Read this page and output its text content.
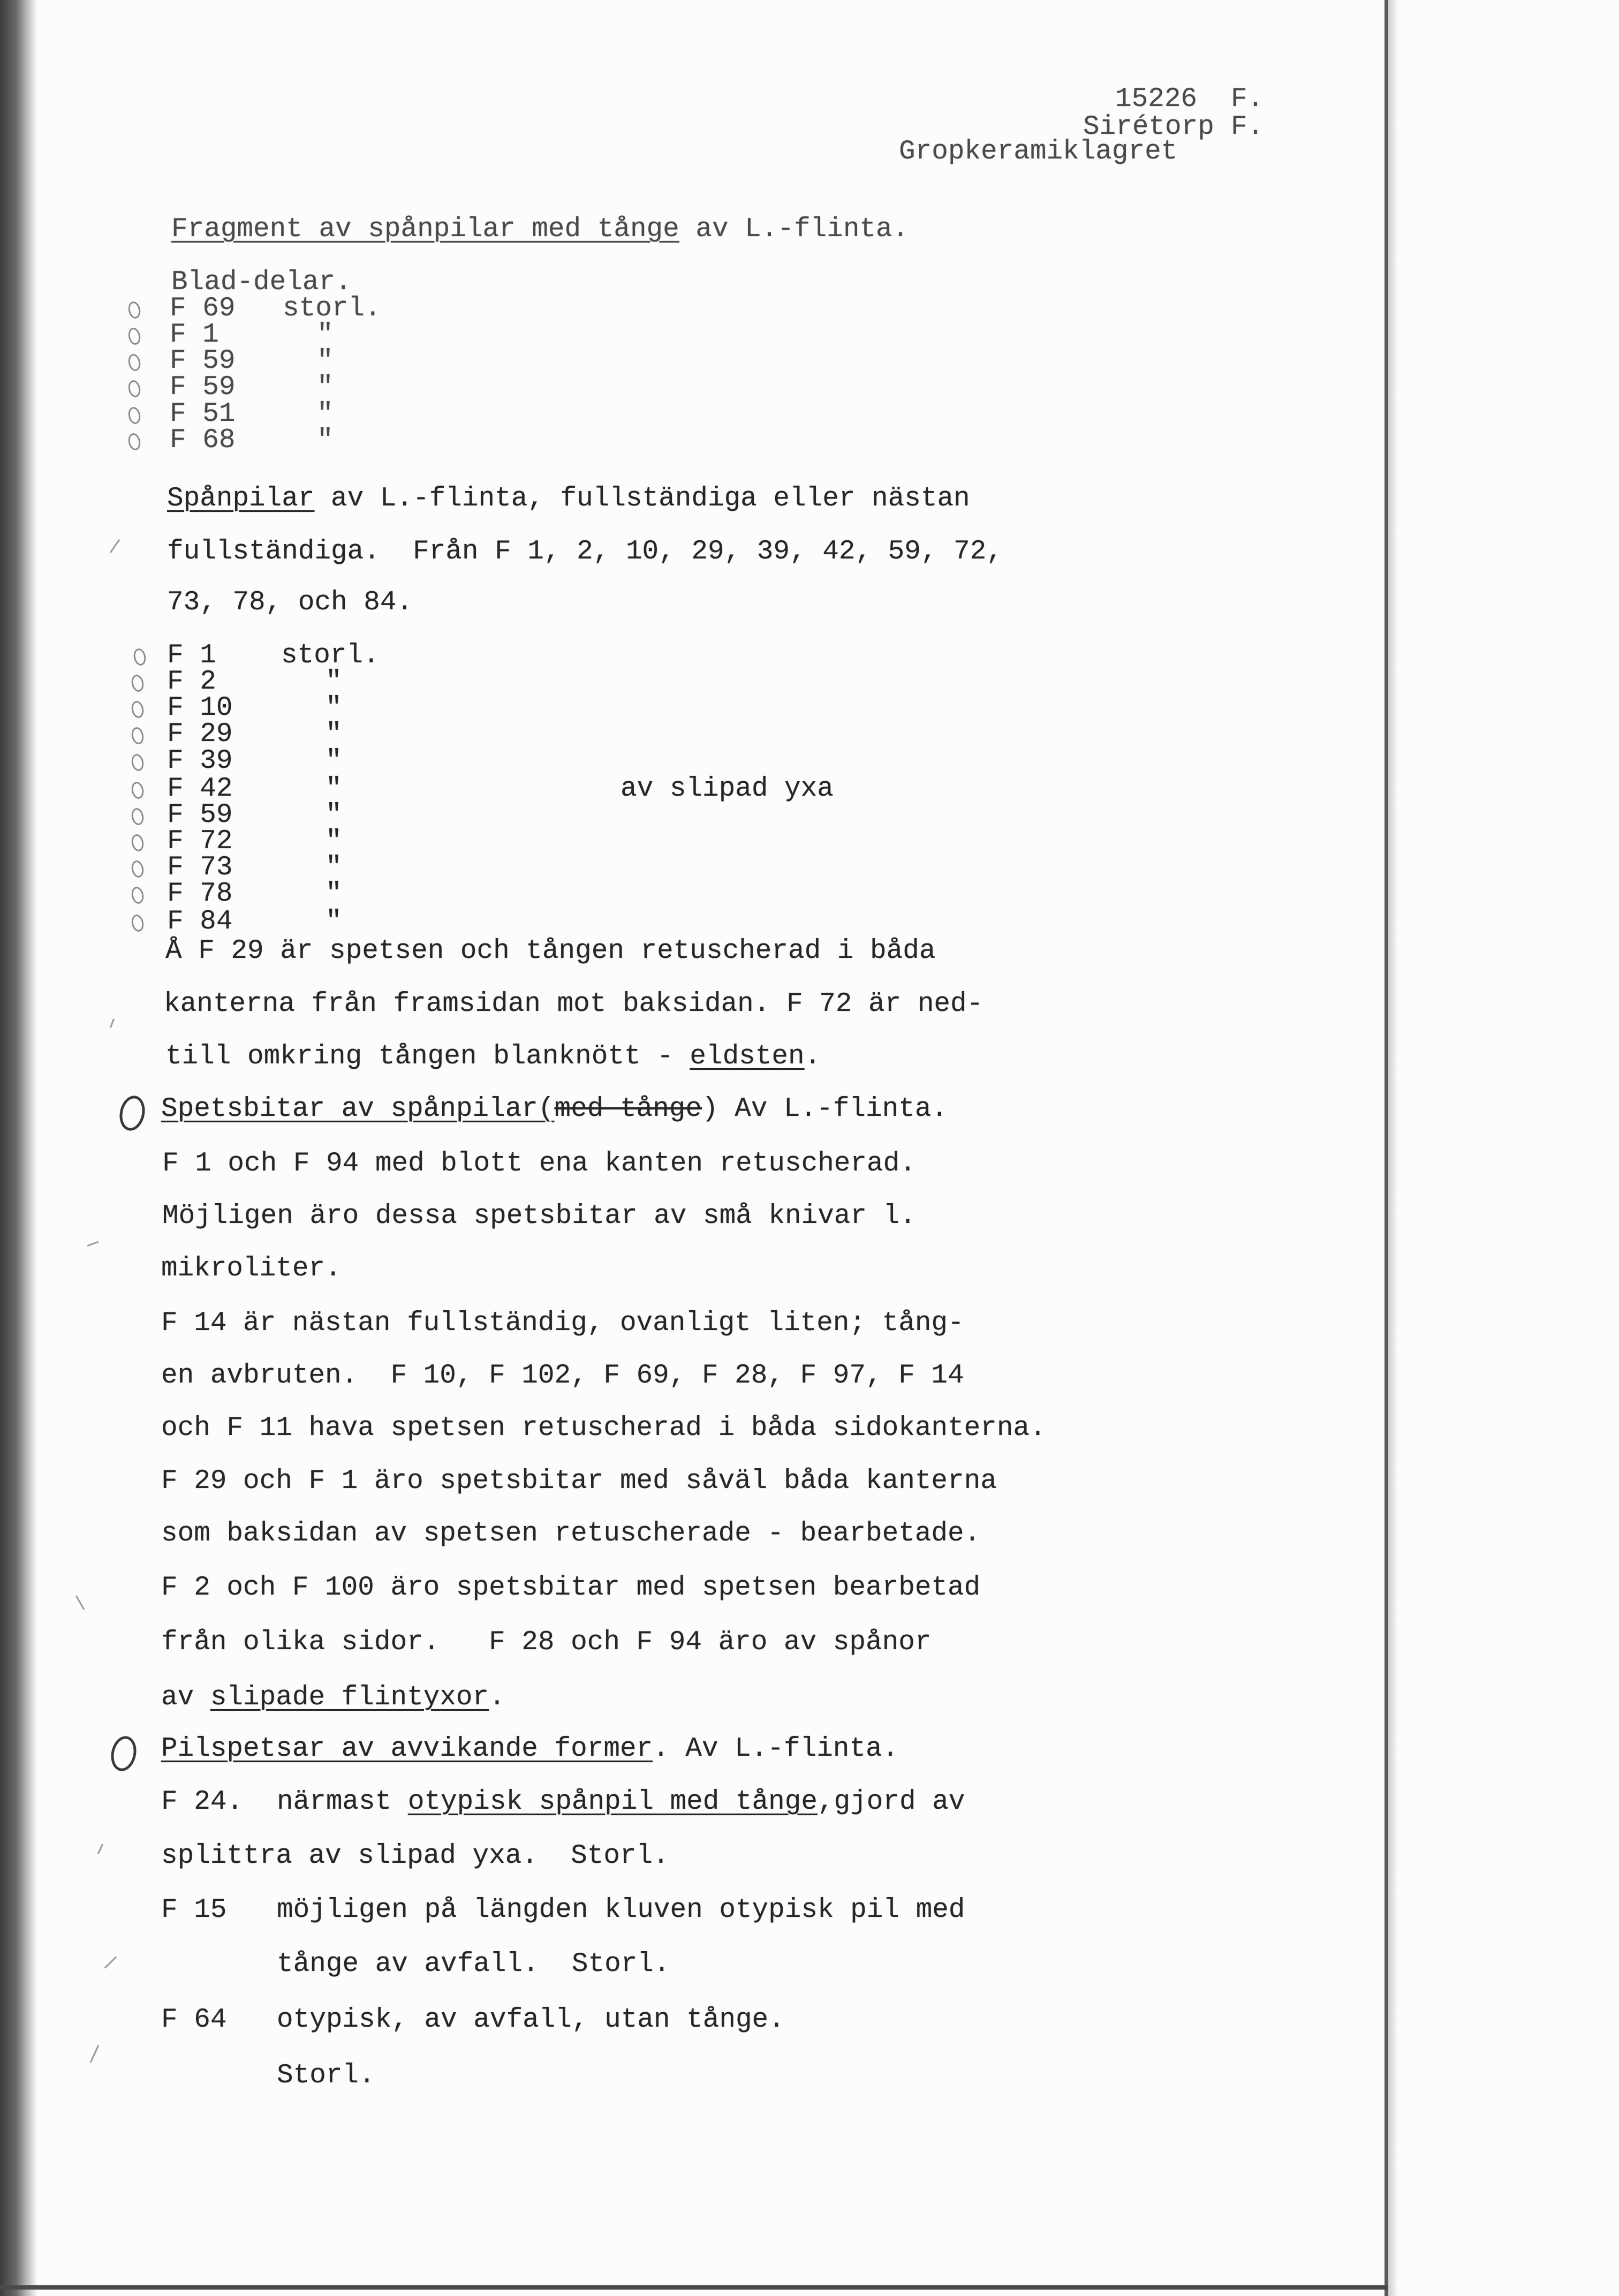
15226 F.
Sirétorp F.
Gropkeramiklagret
Fragment av spånpilar med tånge av L.-flinta.
Blad-delar.
F 69 storl.
F 1	"
F 59	"
F 59	"
F 51	"
F 68	"
Spånpilar av L.-flinta, fullständiga eller nästan
fullständiga.  Från F 1, 2, 10, 29, 39, 42, 59, 72,
73, 78, och 84.
F 1 storl.
F 2	"
F 10	"
F 29	"
F 39	"
F 42	"	av slipad yxa
F 59	"
F 72	"
F 73	"
F 78	"
F 84	"
Å F 29 är spetsen och tången retuscherad i båda
kanterna från framsidan mot baksidan. F 72 är ned-
till omkring tången blanknött - eldsten.
Spetsbitar av spånpilar(med tånge) Av L.-flinta.
F 1 och F 94 med blott ena kanten retuscherad.
Möjligen äro dessa spetsbitar av små knivar l.
mikroliter.
F 14 är nästan fullständig, ovanligt liten; tång-
en avbruten.  F 10, F 102, F 69, F 28, F 97, F 14
och F 11 hava spetsen retuscherad i båda sidokanterna.
F 29 och F 1 äro spetsbitar med såväl båda kanterna
som baksidan av spetsen retuscherade - bearbetade.
F 2 och F 100 äro spetsbitar med spetsen bearbetad
från olika sidor.   F 28 och F 94 äro av spånor
av slipade flintyxor.
Pilspetsar av avvikande former. Av L.-flinta.
F 24. närmast otypisk spånpil med tånge,gjord av
splittra av slipad yxa.  Storl.
F 15 möjligen på längden kluven otypisk pil med
tånge av avfall.  Storl.
F 64 otypisk, av avfall, utan tånge.
Storl.
